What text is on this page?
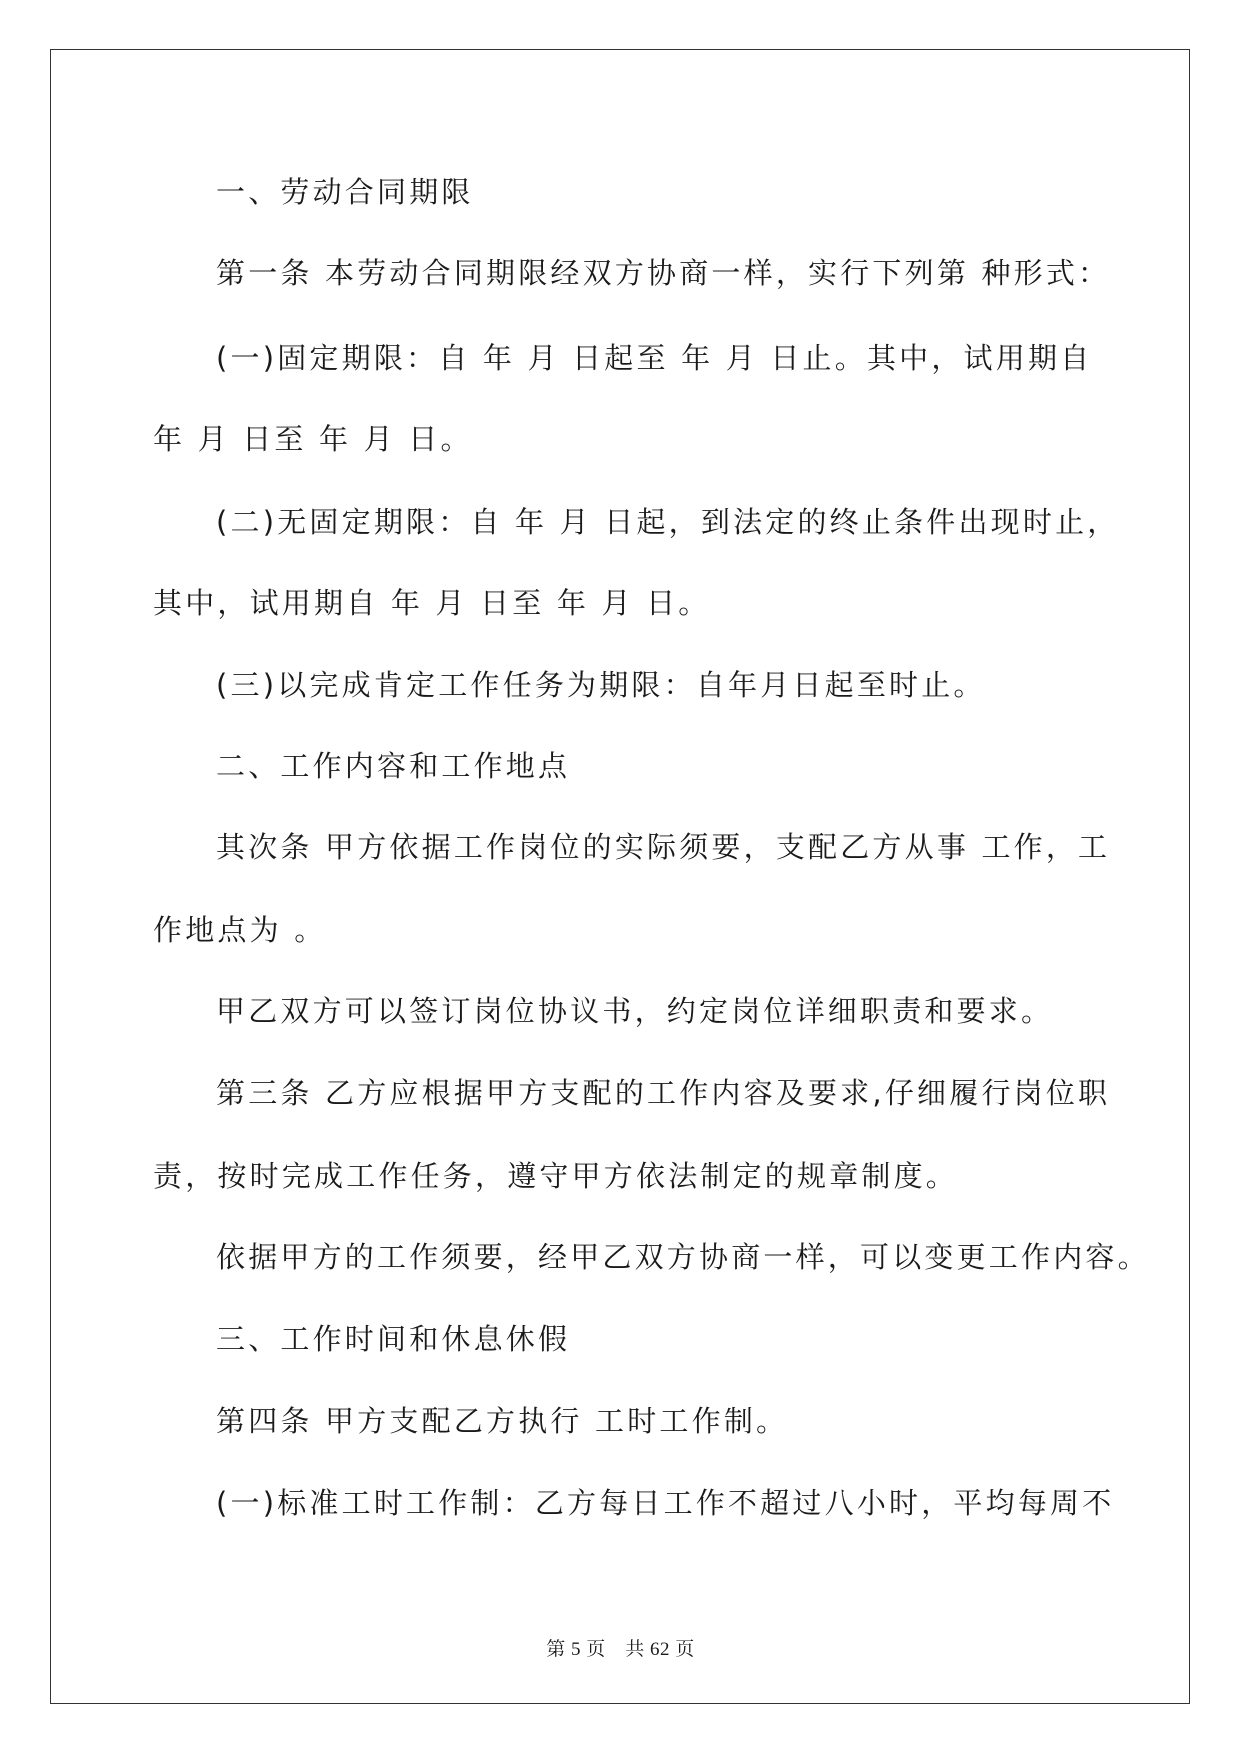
一、劳动合同期限
第一条 本劳动合同期限经双方协商一样，实行下列第 种形式：
(一)固定期限：自 年 月 日起至 年 月 日止。其中，试用期自
年 月 日至 年 月 日。
(二)无固定期限：自 年 月 日起，到法定的终止条件出现时止，
其中，试用期自 年 月 日至 年 月 日。
(三)以完成肯定工作任务为期限：自年月日起至时止。
二、工作内容和工作地点
其次条 甲方依据工作岗位的实际须要，支配乙方从事 工作，工
作地点为 。
甲乙双方可以签订岗位协议书，约定岗位详细职责和要求。
第三条 乙方应根据甲方支配的工作内容及要求,仔细履行岗位职
责，按时完成工作任务，遵守甲方依法制定的规章制度。
依据甲方的工作须要，经甲乙双方协商一样，可以变更工作内容。
三、工作时间和休息休假
第四条 甲方支配乙方执行 工时工作制。
(一)标准工时工作制：乙方每日工作不超过八小时，平均每周不
第 5 页　共 62 页
